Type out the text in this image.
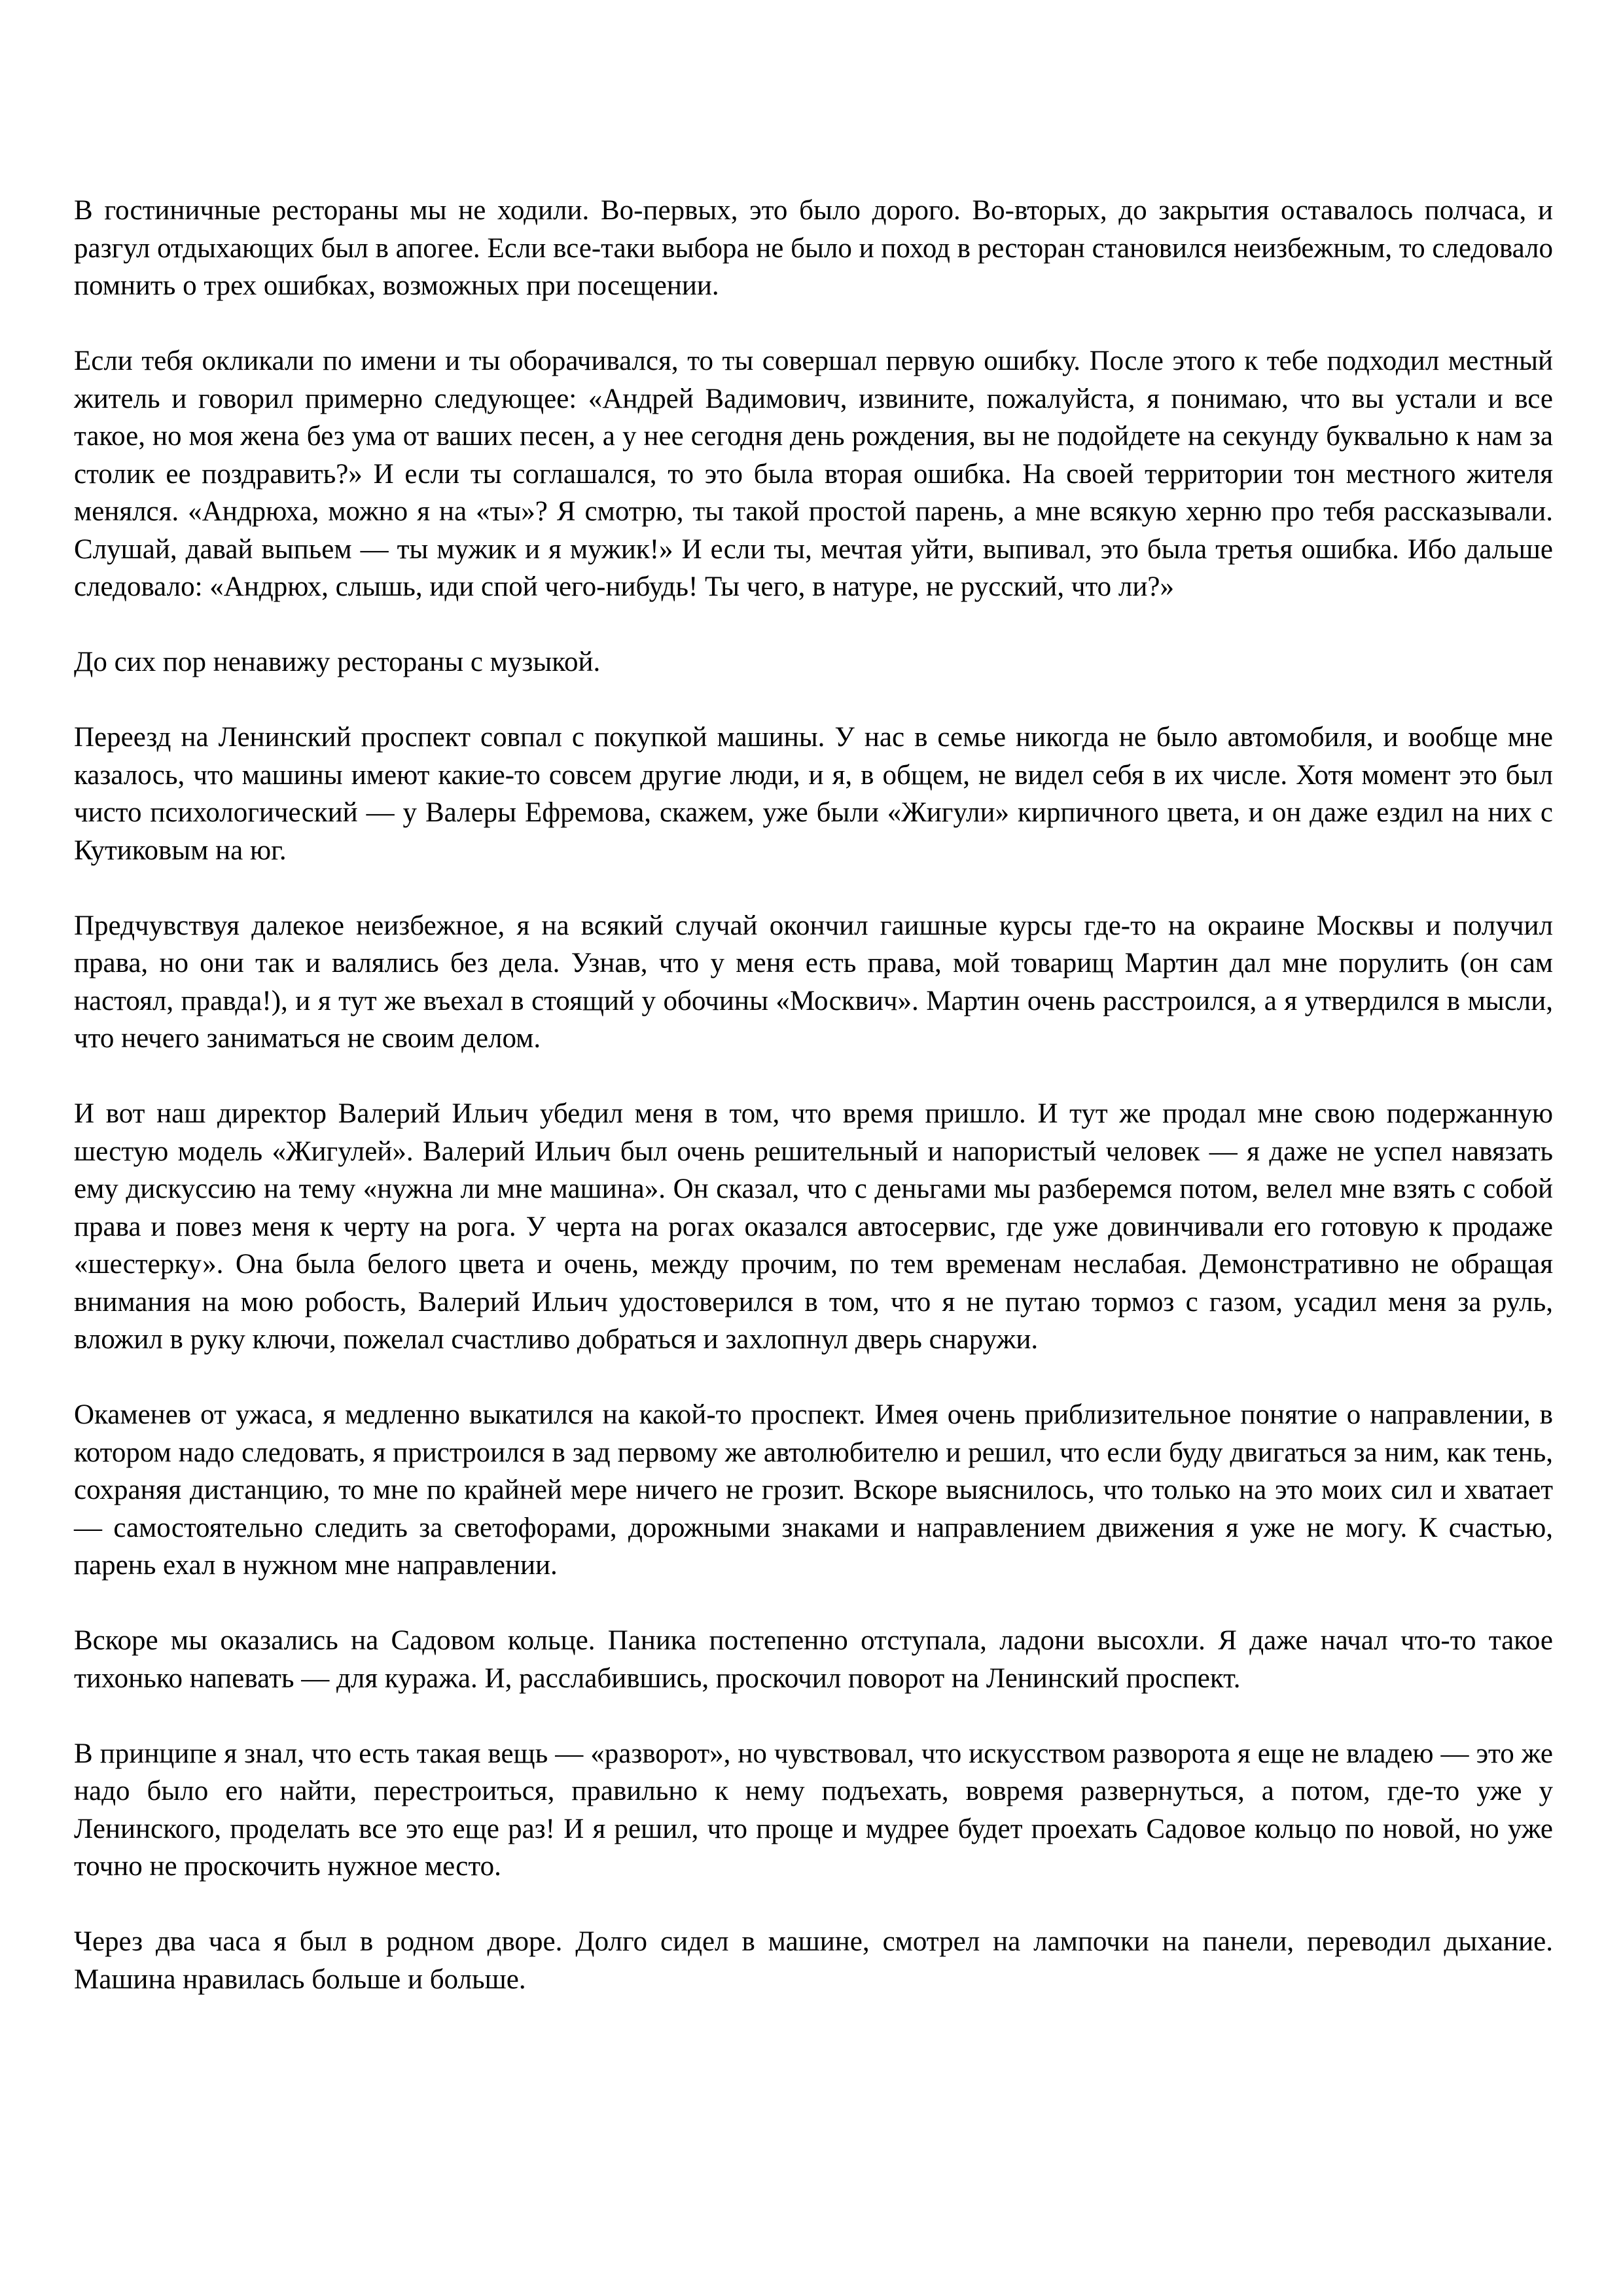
В гостиничные рестораны мы не ходили. Во-первых, это было дорого. Во-вторых, до закрытия оставалось полчаса, и разгул отдыхающих был в апогее. Если все-таки выбора не было и поход в ресторан становился неизбежным, то следовало помнить о трех ошибках, возможных при посещении.

Если тебя окликали по имени и ты оборачивался, то ты совершал первую ошибку. После этого к тебе подходил местный житель и говорил примерно следующее: «Андрей Вадимович, извините, пожалуйста, я понимаю, что вы устали и все такое, но моя жена без ума от ваших песен, а у нее сегодня день рождения, вы не подойдете на секунду буквально к нам за столик ее поздравить?» И если ты соглашался, то это была вторая ошибка. На своей территории тон местного жителя менялся. «Андрюха, можно я на «ты»? Я смотрю, ты такой простой парень, а мне всякую херню про тебя рассказывали. Слушай, давай выпьем — ты мужик и я мужик!» И если ты, мечтая уйти, выпивал, это была третья ошибка. Ибо дальше следовало: «Андрюх, слышь, иди спой чего-нибудь! Ты чего, в натуре, не русский, что ли?»

До сих пор ненавижу рестораны с музыкой.

Переезд на Ленинский проспект совпал с покупкой машины. У нас в семье никогда не было автомобиля, и вообще мне казалось, что машины имеют какие-то совсем другие люди, и я, в общем, не видел себя в их числе. Хотя момент это был чисто психологический — у Валеры Ефремова, скажем, уже были «Жигули» кирпичного цвета, и он даже ездил на них с Кутиковым на юг.

Предчувствуя далекое неизбежное, я на всякий случай окончил гаишные курсы где-то на окраине Москвы и получил права, но они так и валялись без дела. Узнав, что у меня есть права, мой товарищ Мартин дал мне порулить (он сам настоял, правда!), и я тут же въехал в стоящий у обочины «Москвич». Мартин очень расстроился, а я утвердился в мысли, что нечего заниматься не своим делом.

И вот наш директор Валерий Ильич убедил меня в том, что время пришло. И тут же продал мне свою подержанную шестую модель «Жигулей». Валерий Ильич был очень решительный и напористый человек — я даже не успел навязать ему дискуссию на тему «нужна ли мне машина». Он сказал, что с деньгами мы разберемся потом, велел мне взять с собой права и повез меня к черту на рога. У черта на рогах оказался автосервис, где уже довинчивали его готовую к продаже «шестерку». Она была белого цвета и очень, между прочим, по тем временам неслабая. Демонстративно не обращая внимания на мою робость, Валерий Ильич удостоверился в том, что я не путаю тормоз с газом, усадил меня за руль, вложил в руку ключи, пожелал счастливо добраться и захлопнул дверь снаружи.

Окаменев от ужаса, я медленно выкатился на какой-то проспект. Имея очень приблизительное понятие о направлении, в котором надо следовать, я пристроился в зад первому же автолюбителю и решил, что если буду двигаться за ним, как тень, сохраняя дистанцию, то мне по крайней мере ничего не грозит. Вскоре выяснилось, что только на это моих сил и хватает — самостоятельно следить за светофорами, дорожными знаками и направлением движения я уже не могу. К счастью, парень ехал в нужном мне направлении.

Вскоре мы оказались на Садовом кольце. Паника постепенно отступала, ладони высохли. Я даже начал что-то такое тихонько напевать — для куража. И, расслабившись, проскочил поворот на Ленинский проспект.

В принципе я знал, что есть такая вещь — «разворот», но чувствовал, что искусством разворота я еще не владею — это же надо было его найти, перестроиться, правильно к нему подъехать, вовремя развернуться, а потом, где-то уже у Ленинского, проделать все это еще раз! И я решил, что проще и мудрее будет проехать Садовое кольцо по новой, но уже точно не проскочить нужное место.

Через два часа я был в родном дворе. Долго сидел в машине, смотрел на лампочки на панели, переводил дыхание. Машина нравилась больше и больше.
